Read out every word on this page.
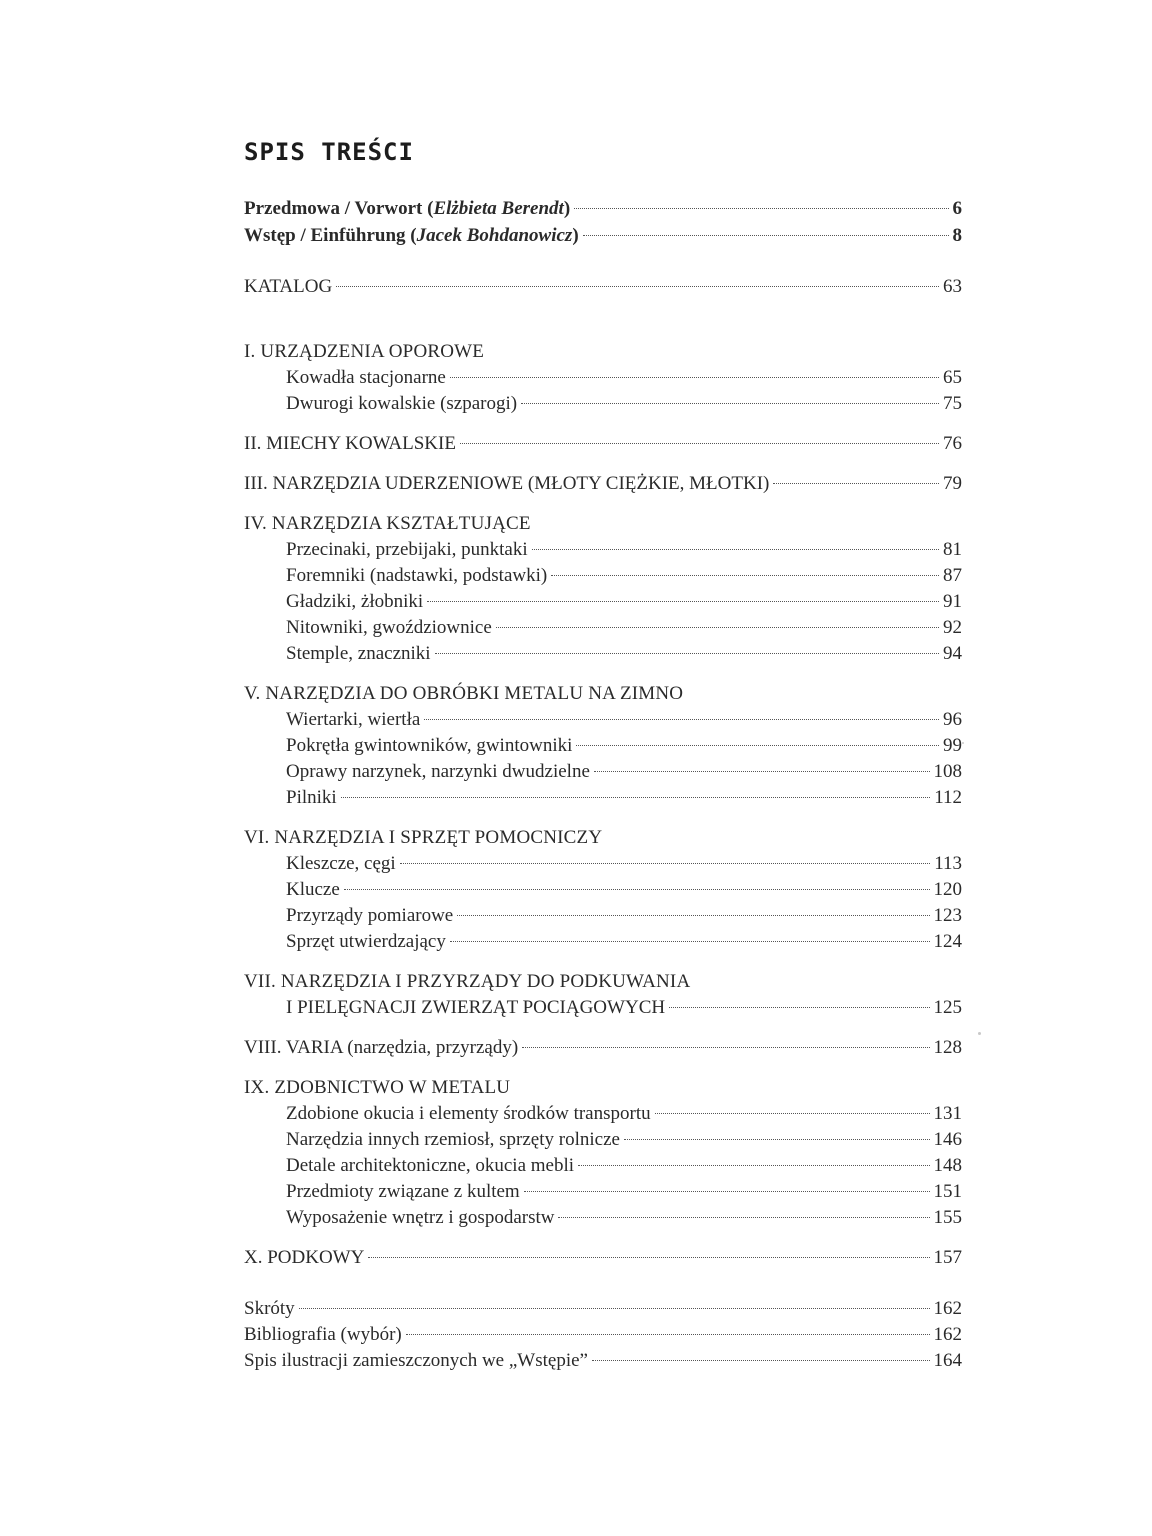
SPIS TREŚCI
Przedmowa / Vorwort (Elżbieta Berendt)	6
Wstęp / Einführung (Jacek Bohdanowicz)	8
KATALOG	63
I. URZĄDZENIA OPOROWE
Kowadła stacjonarne	65
Dwurogi kowalskie (szparogi)	75
II. MIECHY KOWALSKIE	76
III. NARZĘDZIA UDERZENIOWE (MŁOTY CIĘŻKIE, MŁOTKI)	79
IV. NARZĘDZIA KSZTAŁTUJĄCE
Przecinaki, przebijaki, punktaki	81
Foremniki (nadstawki, podstawki)	87
Gładziki, żłobniki	91
Nitowniki, gwoździownice	92
Stemple, znaczniki	94
V. NARZĘDZIA DO OBRÓBKI METALU NA ZIMNO
Wiertarki, wiertła	96
Pokrętła gwintowników, gwintowniki	99
Oprawy narzynek, narzynki dwudzielne	108
Pilniki	112
VI. NARZĘDZIA I SPRZĘT POMOCNICZY
Kleszcze, cęgi	113
Klucze	120
Przyrządy pomiarowe	123
Sprzęt utwierdzający	124
VII. NARZĘDZIA I PRZYRZĄDY DO PODKUWANIA
I PIELĘGNACJI ZWIERZĄT POCIĄGOWYCH	125
VIII. VARIA (narzędzia, przyrządy)	128
IX. ZDOBNICTWO W METALU
Zdobione okucia i elementy środków transportu	131
Narzędzia innych rzemiosł, sprzęty rolnicze	146
Detale architektoniczne, okucia mebli	148
Przedmioty związane z kultem	151
Wyposażenie wnętrz i gospodarstw	155
X. PODKOWY	157
Skróty	162
Bibliografia (wybór)	162
Spis ilustracji zamieszczonych we „Wstępie”	164
